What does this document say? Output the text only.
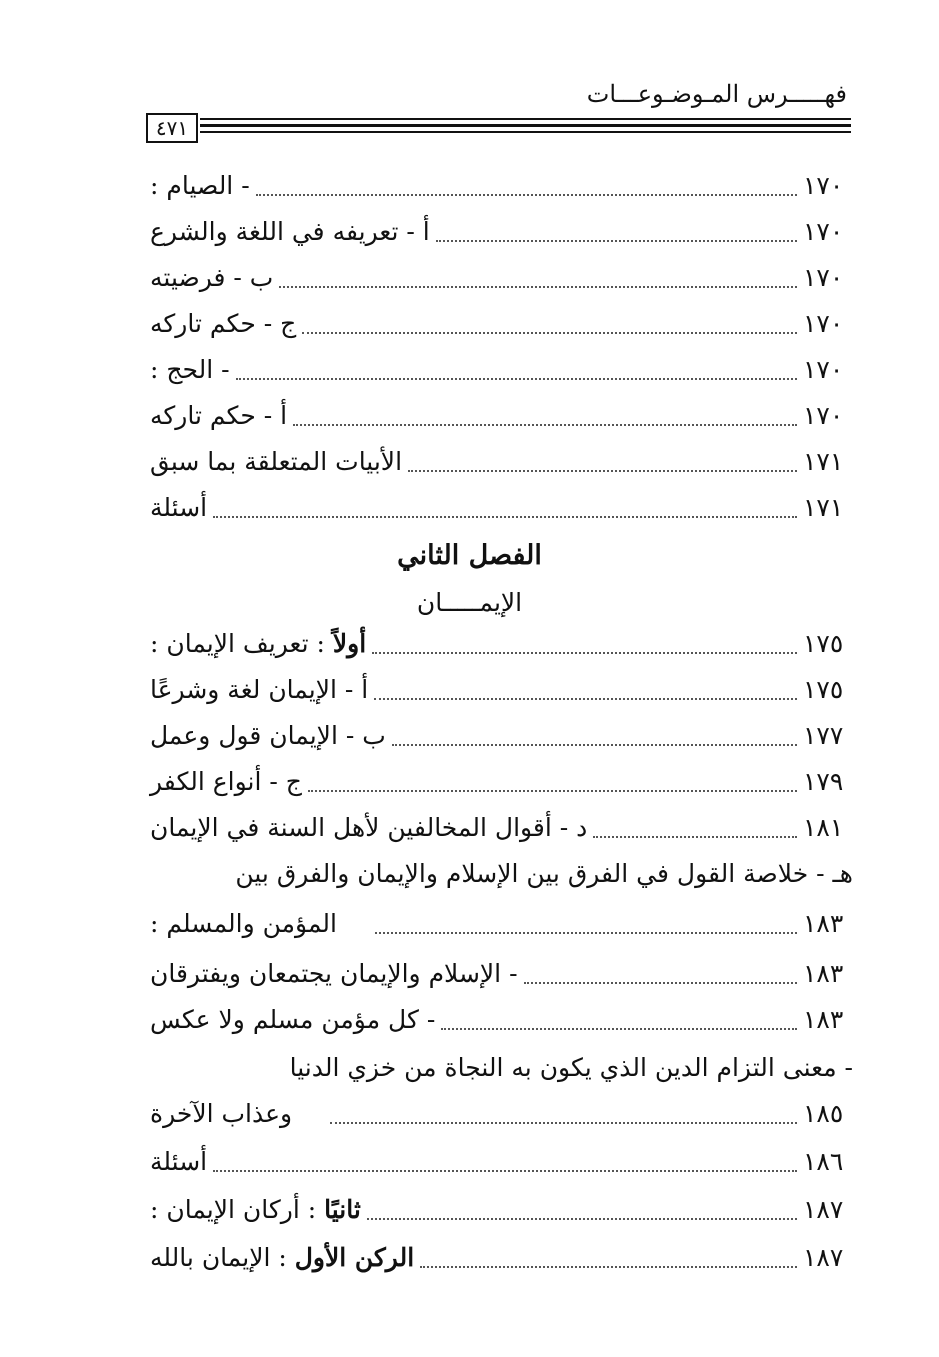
فهـــــرس المـوضـوعـــات
٤٧١
- الصيام :	١٧٠
أ - تعريفه في اللغة والشرع	١٧٠
ب - فرضيته	١٧٠
ج - حكم تاركه	١٧٠
- الحج :	١٧٠
أ - حكم تاركه	١٧٠
الأبيات المتعلقة بما سبق	١٧١
أسئلة	١٧١
الفصل الثاني
الإيمـــــان
أولاً : تعريف الإيمان :	١٧٥
أ - الإيمان لغة وشرعًا	١٧٥
ب - الإيمان قول وعمل	١٧٧
ج - أنواع الكفر	١٧٩
د - أقوال المخالفين لأهل السنة في الإيمان	١٨١
هـ - خلاصة القول في الفرق بين الإسلام والإيمان والفرق بين
المؤمن والمسلم :	١٨٣
- الإسلام والإيمان يجتمعان ويفترقان	١٨٣
- كل مؤمن مسلم ولا عكس	١٨٣
- معنى التزام الدين الذي يكون به النجاة من خزي الدنيا
وعذاب الآخرة	١٨٥
أسئلة	١٨٦
ثانيًا : أركان الإيمان :	١٨٧
الركن الأول : الإيمان بالله	١٨٧
